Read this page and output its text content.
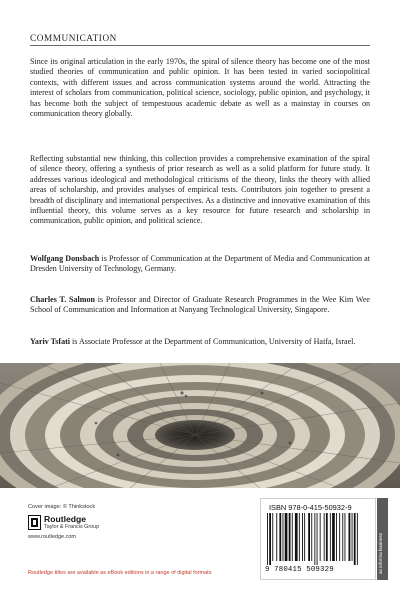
COMMUNICATION

Since its original articulation in the early 1970s, the spiral of silence theory has become one of the most studied theories of communication and public opinion. It has been tested in varied sociopolitical contexts, with different issues and across communication systems around the world. Attracting the interest of scholars from communication, political science, sociology, public opinion, and psychology, it has become both the subject of tempestuous academic debate as well as a mainstay in courses on communication theory globally.

Reflecting substantial new thinking, this collection provides a comprehensive examination of the spiral of silence theory, offering a synthesis of prior research as well as a solid platform for future study. It addresses various ideological and methodological criticisms of the theory, links the theory with allied areas of scholarship, and provides analyses of empirical tests. Contributors join together to present a breadth of disciplinary and international perspectives. As a distinctive and innovative examination of this influential theory, this volume serves as a key resource for future research and scholarship in communication, public opinion, and political science.

Wolfgang Donsbach is Professor of Communication at the Department of Media and Communication at Dresden University of Technology, Germany.

Charles T. Salmon is Professor and Director of Graduate Research Programmes in the Wee Kim Wee School of Communication and Information at Nanyang Technological University, Singapore.

Yariv Tsfati is Associate Professor at the Department of Communication, University of Haifa, Israel.

Cover image: © Thinkstock
Routledge
Taylor & Francis Group
www.routledge.com
Routledge titles are available as eBook editions in a range of digital formats
ISBN 978-0-415-50932-9
9 780415 509329	an informa business
